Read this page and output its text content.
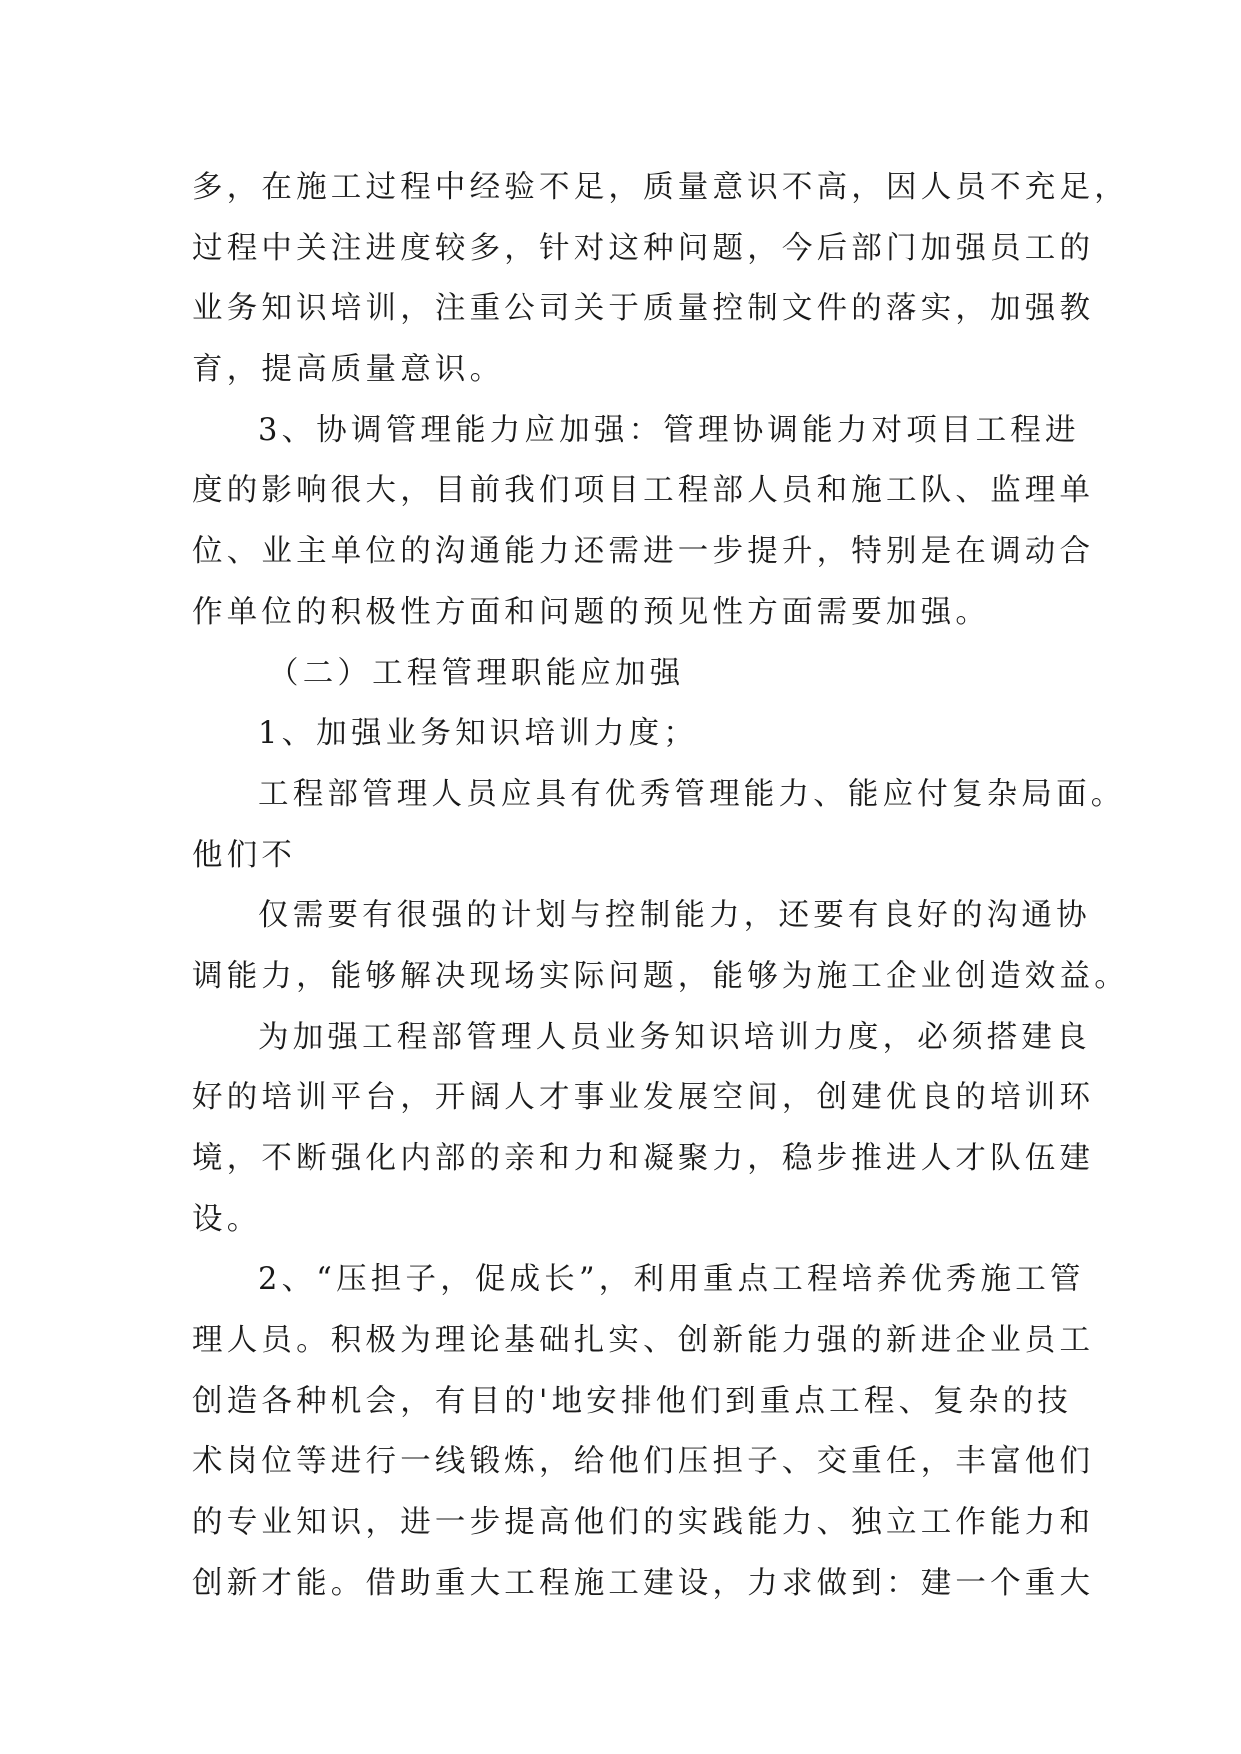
多，在施工过程中经验不足，质量意识不高，因人员不充足，
过程中关注进度较多，针对这种问题，今后部门加强员工的
业务知识培训，注重公司关于质量控制文件的落实，加强教
育，提高质量意识。
3、协调管理能力应加强：管理协调能力对项目工程进
度的影响很大，目前我们项目工程部人员和施工队、监理单
位、业主单位的沟通能力还需进一步提升，特别是在调动合
作单位的积极性方面和问题的预见性方面需要加强。
（二）工程管理职能应加强
1、加强业务知识培训力度；
工程部管理人员应具有优秀管理能力、能应付复杂局面。
他们不
仅需要有很强的计划与控制能力，还要有良好的沟通协
调能力，能够解决现场实际问题，能够为施工企业创造效益。
为加强工程部管理人员业务知识培训力度，必须搭建良
好的培训平台，开阔人才事业发展空间，创建优良的培训环
境，不断强化内部的亲和力和凝聚力，稳步推进人才队伍建
设。
2、“压担子，促成长”，利用重点工程培养优秀施工管
理人员。积极为理论基础扎实、创新能力强的新进企业员工
创造各种机会，有目的'地安排他们到重点工程、复杂的技
术岗位等进行一线锻炼，给他们压担子、交重任，丰富他们
的专业知识，进一步提高他们的实践能力、独立工作能力和
创新才能。借助重大工程施工建设，力求做到：建一个重大
